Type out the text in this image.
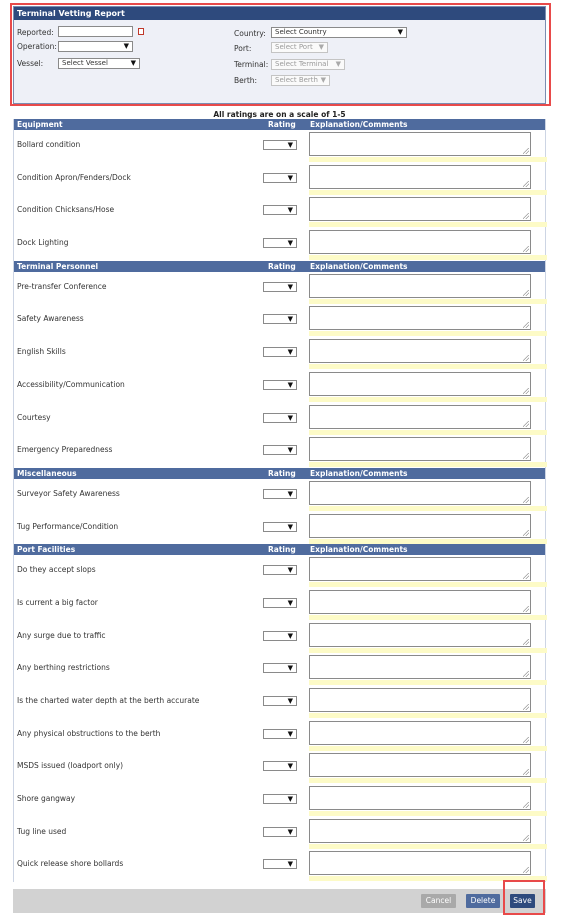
Terminal Vetting Report
Reported:
Operation:	▼
Vessel:	Select Vessel	▼
Country:	Select Country	▼
Port:	Select Port ▼
Terminal: Select Terminal ▼
Berth:	Select Berth ▼
All ratings are on a scale of 1-5
Equipment	Rating Explanation/Comments
Bollard condition	▼
Condition Apron/Fenders/Dock	▼
Condition Chicksans/Hose	▼
Dock Lighting	▼
Terminal Personnel	Rating Explanation/Comments
Pre-transfer Conference	▼
Safety Awareness	▼
English Skills	▼
Accessibility/Communication	▼
Courtesy	▼
Emergency Preparedness	▼
Miscellaneous	Rating Explanation/Comments
Surveyor Safety Awareness	▼
Tug Performance/Condition	▼
Port Facilities	Rating Explanation/Comments
Do they accept slops	▼
Is current a big factor	▼
Any surge due to traffic	▼
Any berthing restrictions	▼
Is the charted water depth at the berth accurate	▼
Any physical obstructions to the berth	▼
MSDS issued (loadport only)	▼
Shore gangway	▼
Tug line used	▼
Quick release shore bollards	▼
Cancel	Delete	Save
